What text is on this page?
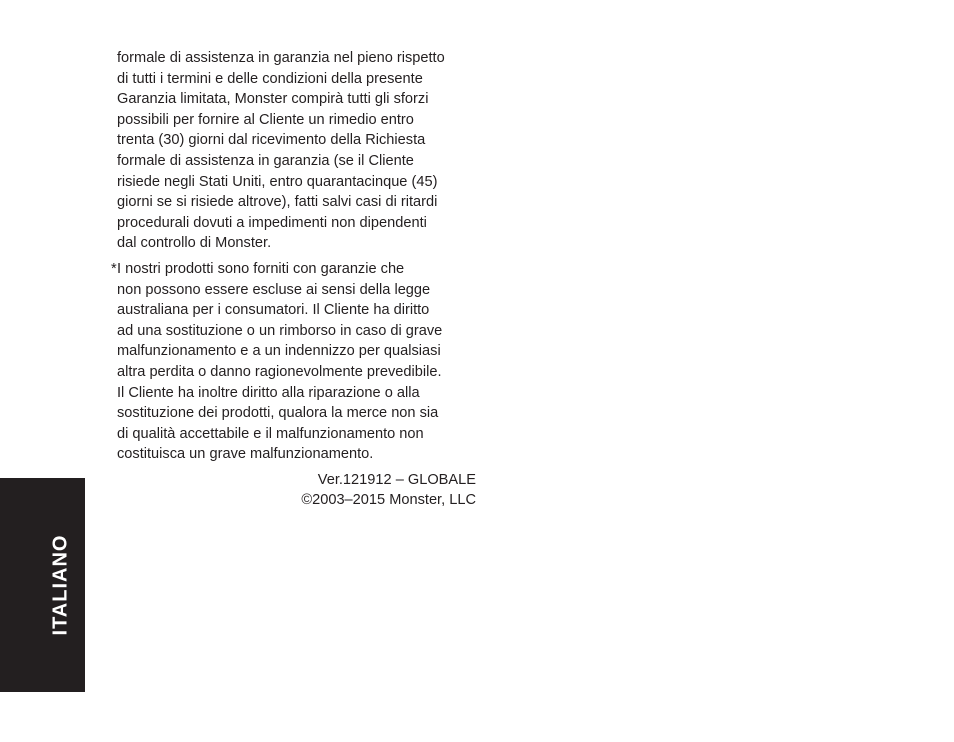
formale di assistenza in garanzia nel pieno rispetto

di tutti i termini e delle condizioni della presente

Garanzia limitata, Monster compirà tutti gli sforzi

possibili per fornire al Cliente un rimedio entro

trenta (30) giorni dal ricevimento della Richiesta

formale di assistenza in garanzia (se il Cliente

risiede negli Stati Uniti, entro quarantacinque (45)

giorni se si risiede altrove), fatti salvi casi di ritardi

procedurali dovuti a impedimenti non dipendenti

dal controllo di Monster.

* I nostri prodotti sono forniti con garanzie che

non possono essere escluse ai sensi della legge

australiana per i consumatori. Il Cliente ha diritto

ad una sostituzione o un rimborso in caso di grave

malfunzionamento e a un indennizzo per qualsiasi

altra perdita o danno ragionevolmente prevedibile.

Il Cliente ha inoltre diritto alla riparazione o alla

sostituzione dei prodotti, qualora la merce non sia

di qualità accettabile e il malfunzionamento non

costituisca un grave malfunzionamento.

Ver.121912 – GLOBALE

©2003–2015 Monster, LLC

ITALIANO
